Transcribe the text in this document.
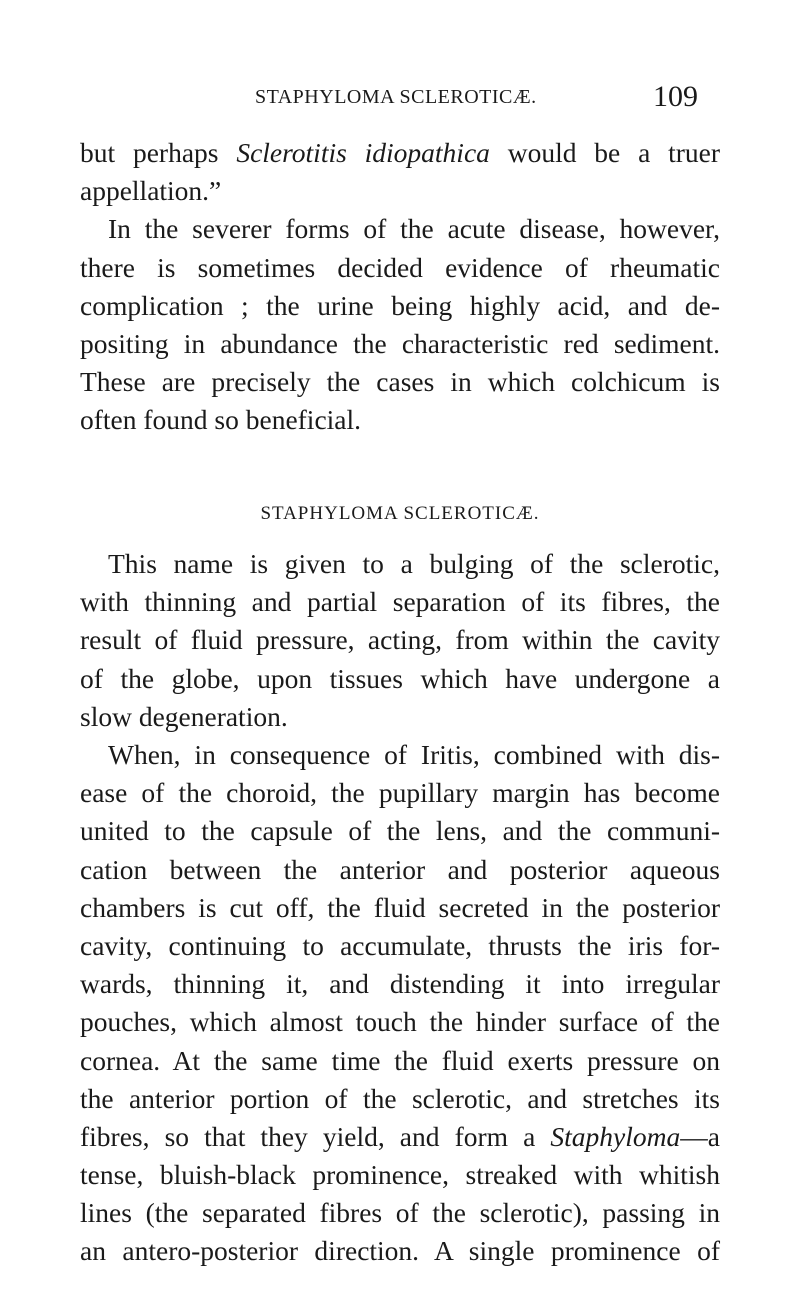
STAPHYLOMA SCLEROTICÆ.	109
but perhaps Sclerotitis idiopathica would be a truer
appellation.”
In the severer forms of the acute disease, however,
there is sometimes decided evidence of rheumatic
complication ; the urine being highly acid, and de-
positing in abundance the characteristic red sediment.
These are precisely the cases in which colchicum is
often found so beneficial.
STAPHYLOMA SCLEROTICÆ.
This name is given to a bulging of the sclerotic,
with thinning and partial separation of its fibres, the
result of fluid pressure, acting, from within the cavity
of the globe, upon tissues which have undergone a
slow degeneration.
When, in consequence of Iritis, combined with dis-
ease of the choroid, the pupillary margin has become
united to the capsule of the lens, and the communi-
cation between the anterior and posterior aqueous
chambers is cut off, the fluid secreted in the posterior
cavity, continuing to accumulate, thrusts the iris for-
wards, thinning it, and distending it into irregular
pouches, which almost touch the hinder surface of the
cornea. At the same time the fluid exerts pressure on
the anterior portion of the sclerotic, and stretches its
fibres, so that they yield, and form a Staphyloma—a
tense, bluish-black prominence, streaked with whitish
lines (the separated fibres of the sclerotic), passing in
an antero-posterior direction. A single prominence of
